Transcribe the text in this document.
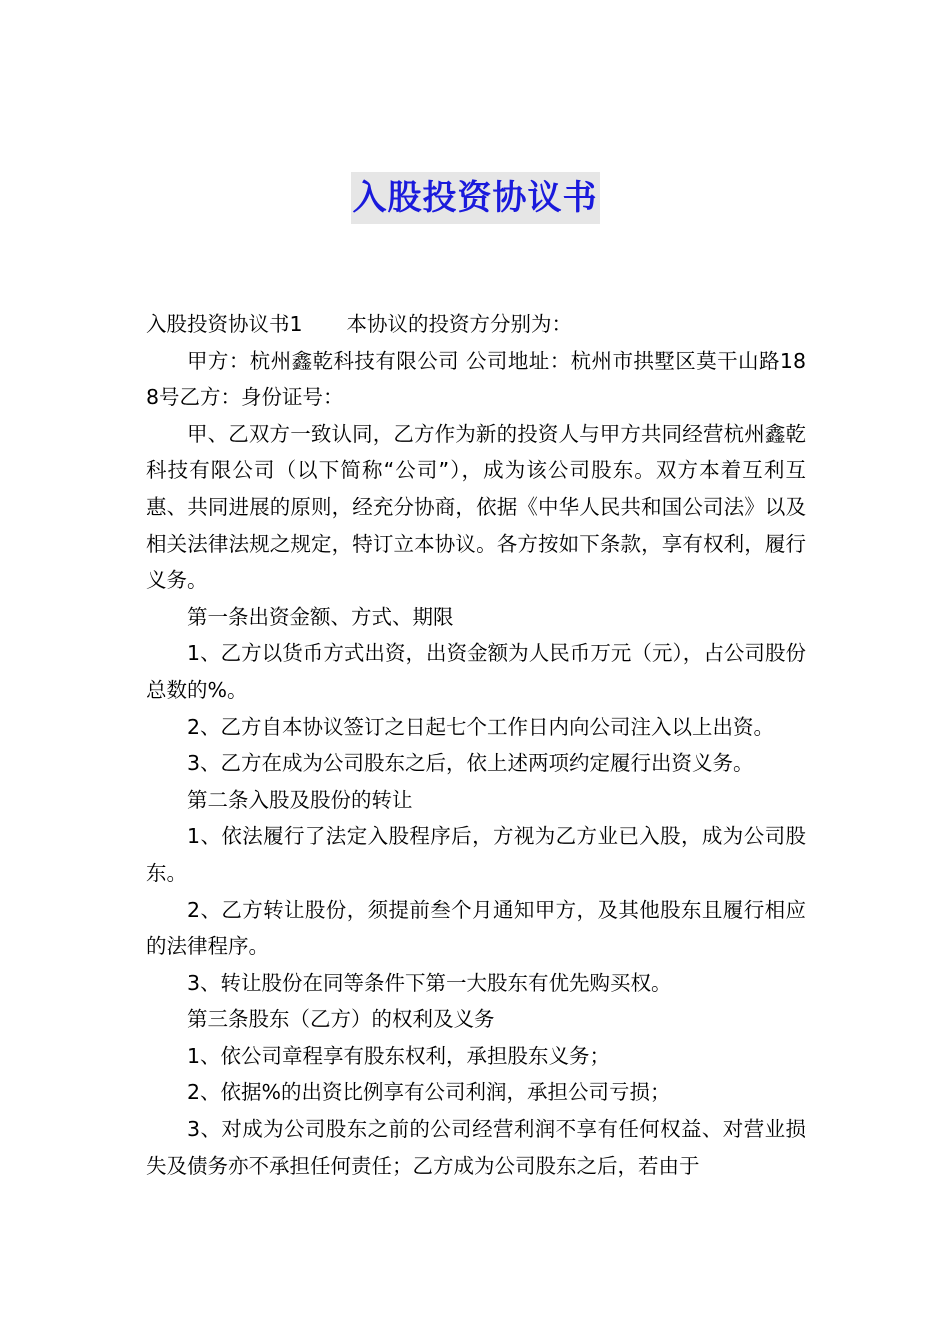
入股投资协议书

入股投资协议书1 本协议的投资方分别为：

甲方：杭州鑫乾科技有限公司 公司地址：杭州市拱墅区莫干山路188号乙方：身份证号：

甲、乙双方一致认同，乙方作为新的投资人与甲方共同经营杭州鑫乾科技有限公司（以下简称“公司”），成为该公司股东。双方本着互利互惠、共同进展的原则，经充分协商，依据《中华人民共和国公司法》以及相关法律法规之规定，特订立本协议。各方按如下条款，享有权利，履行义务。

第一条出资金额、方式、期限

1、乙方以货币方式出资，出资金额为人民币万元（元），占公司股份总数的%。

2、乙方自本协议签订之日起七个工作日内向公司注入以上出资。

3、乙方在成为公司股东之后，依上述两项约定履行出资义务。

第二条入股及股份的转让

1、依法履行了法定入股程序后，方视为乙方业已入股，成为公司股东。

2、乙方转让股份，须提前叁个月通知甲方，及其他股东且履行相应的法律程序。

3、转让股份在同等条件下第一大股东有优先购买权。

第三条股东（乙方）的权利及义务

1、依公司章程享有股东权利，承担股东义务；

2、依据%的出资比例享有公司利润，承担公司亏损；

3、对成为公司股东之前的公司经营利润不享有任何权益、对营业损失及债务亦不承担任何责任；乙方成为公司股东之后，若由于
